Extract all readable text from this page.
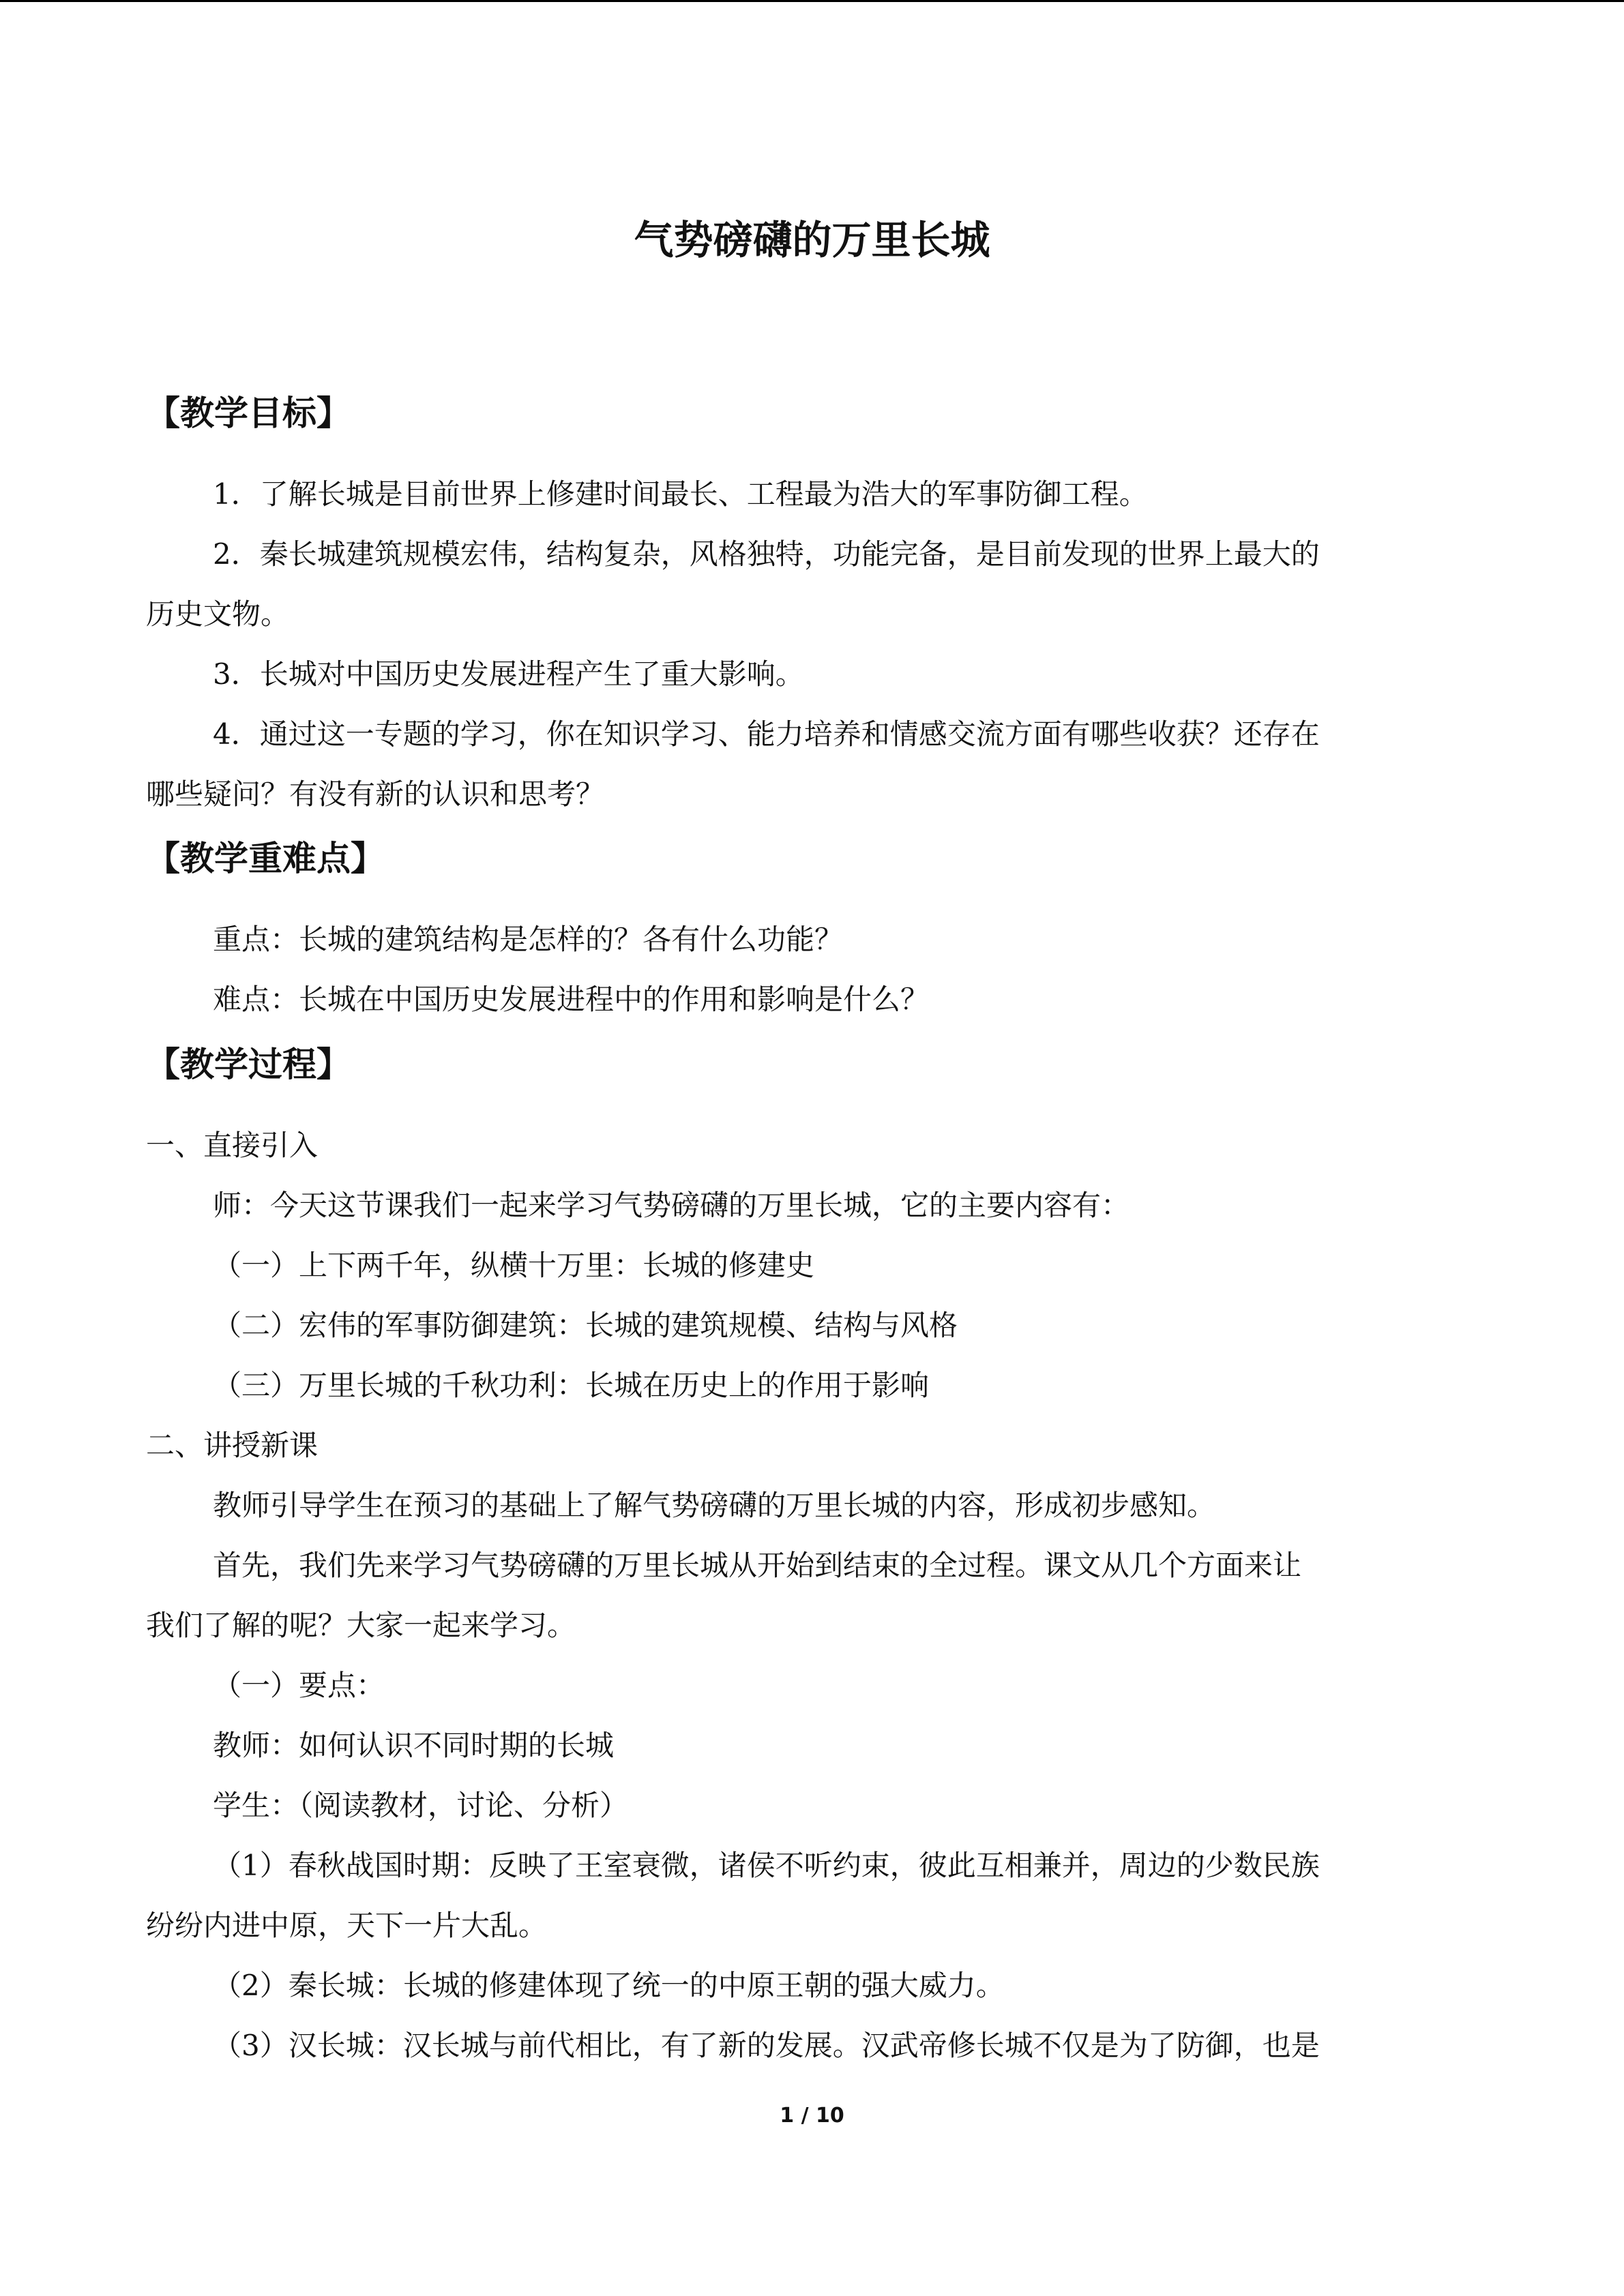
气势磅礴的万里长城
【教学目标】
1．了解长城是目前世界上修建时间最长、工程最为浩大的军事防御工程。
2．秦长城建筑规模宏伟，结构复杂，风格独特，功能完备，是目前发现的世界上最大的
历史文物。
3．长城对中国历史发展进程产生了重大影响。
4．通过这一专题的学习，你在知识学习、能力培养和情感交流方面有哪些收获？还存在
哪些疑问？有没有新的认识和思考？
【教学重难点】
重点：长城的建筑结构是怎样的？各有什么功能？
难点：长城在中国历史发展进程中的作用和影响是什么？
【教学过程】
一、直接引入
师：今天这节课我们一起来学习气势磅礴的万里长城，它的主要内容有：
（一）上下两千年，纵横十万里：长城的修建史
（二）宏伟的军事防御建筑：长城的建筑规模、结构与风格
（三）万里长城的千秋功利：长城在历史上的作用于影响
二、讲授新课
教师引导学生在预习的基础上了解气势磅礴的万里长城的内容，形成初步感知。
首先，我们先来学习气势磅礴的万里长城从开始到结束的全过程。课文从几个方面来让
我们了解的呢？大家一起来学习。
（一）要点：
教师：如何认识不同时期的长城
学生：（阅读教材，讨论、分析）
（1）春秋战国时期：反映了王室衰微，诸侯不听约束，彼此互相兼并，周边的少数民族
纷纷内进中原，天下一片大乱。
（2）秦长城：长城的修建体现了统一的中原王朝的强大威力。
（3）汉长城：汉长城与前代相比，有了新的发展。汉武帝修长城不仅是为了防御，也是
1 / 10
